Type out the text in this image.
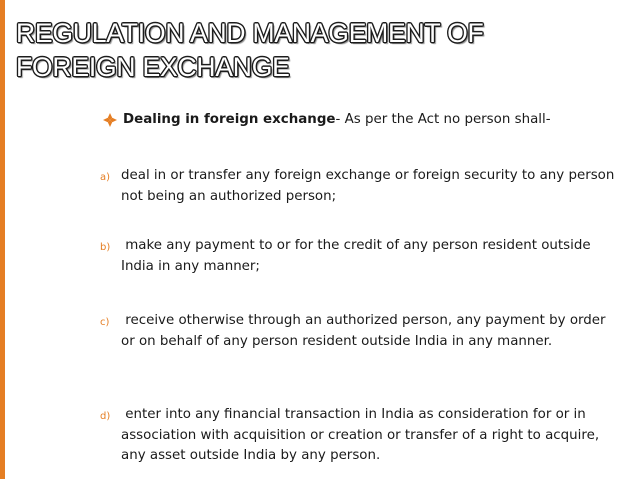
REGULATION AND MANAGEMENT OF
FOREIGN EXCHANGE
Dealing in foreign exchange- As per the Act no person shall-
a) deal in or transfer any foreign exchange or foreign security to any person not being an authorized person;
b) make any payment to or for the credit of any person resident outside India in any manner;
c) receive otherwise through an authorized person, any payment by order or on behalf of any person resident outside India in any manner.
d) enter into any financial transaction in India as consideration for or in association with acquisition or creation or transfer of a right to acquire, any asset outside India by any person.
